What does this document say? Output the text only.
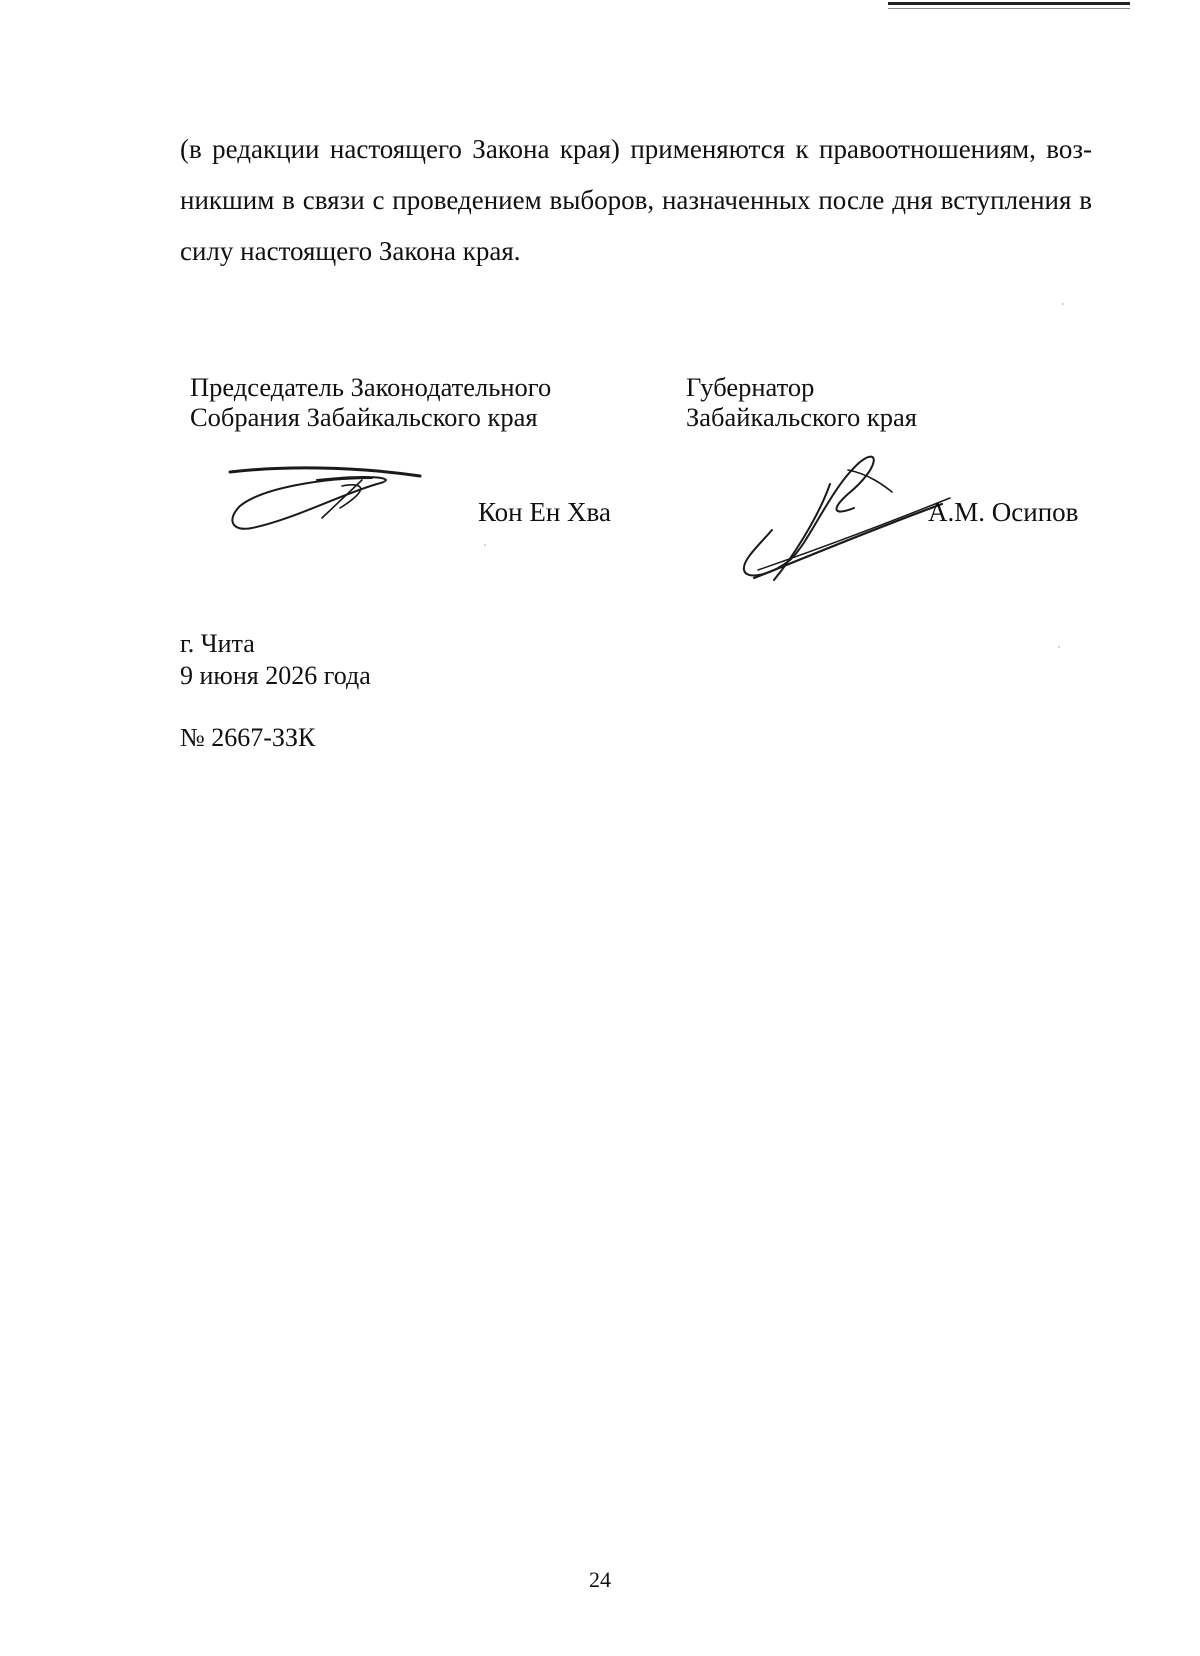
(в редакции настоящего Закона края) применяются к правоотношениям, воз-
никшим в связи с проведением выборов, назначенных после дня вступления в
силу настоящего Закона края.
Председатель Законодательного
Собрания Забайкальского края
Кон Ен Хва
Губернатор
Забайкальского края
А.М. Осипов
г. Чита
9 июня 2026 года
№ 2667-ЗЗК
24
